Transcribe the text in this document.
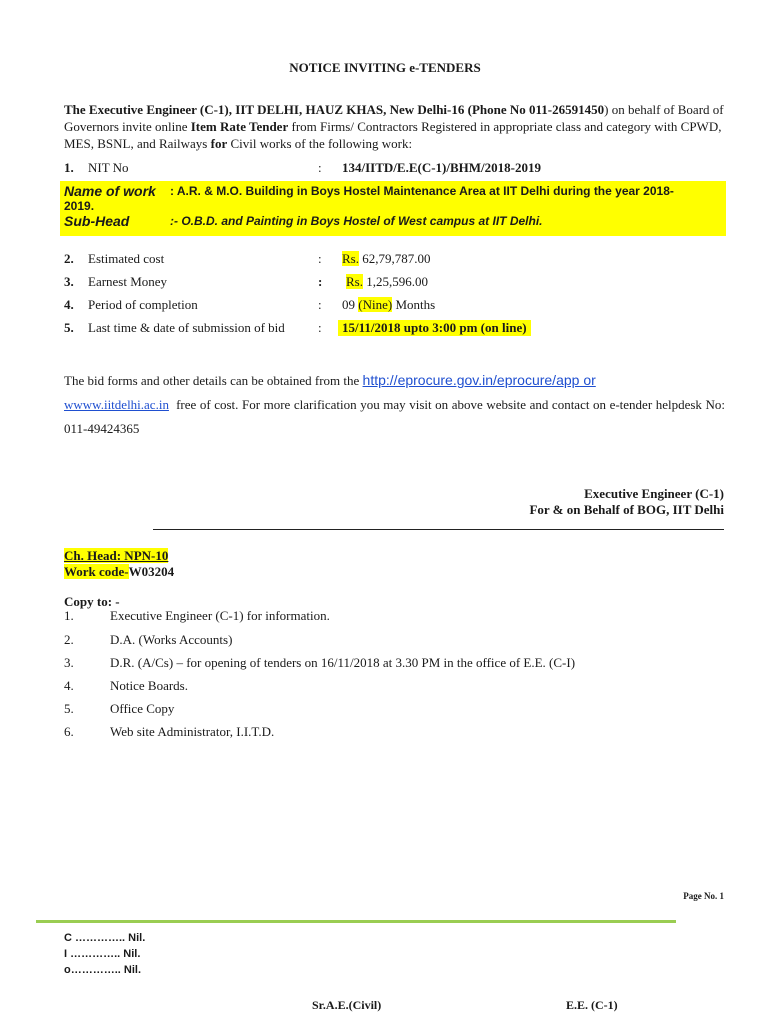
NOTICE INVITING e-TENDERS
The Executive Engineer (C-1), IIT DELHI, HAUZ KHAS, New Delhi-16 (Phone No 011-26591450) on behalf of Board of Governors invite online Item Rate Tender from Firms/ Contractors Registered in appropriate class and category with CPWD, MES, BSNL, and Railways for Civil works of the following work:
1. NIT No	: 134/IITD/E.E(C-1)/BHM/2018-2019
Name of work : A.R. & M.O. Building in Boys Hostel Maintenance Area at IIT Delhi during the year 2018-
2019.
Sub-Head	:- O.B.D. and Painting in Boys Hostel of West campus at IIT Delhi.
2. Estimated cost	: Rs. 62,79,787.00
3. Earnest Money	: Rs. 1,25,596.00
4. Period of completion	: 09 (Nine) Months
5. Last time & date of submission of bid	:	15/11/2018 upto 3:00 pm (on line)
The bid forms and other details can be obtained from the http://eprocure.gov.in/eprocure/app or
wwww.iitdelhi.ac.in  free of cost. For more clarification you may visit on above website and contact on e-tender helpdesk No: 011-49424365
Executive Engineer (C-1)
For & on Behalf of BOG, IIT Delhi
Ch. Head: NPN-10
Work code-W03204
Copy to: -
1.	Executive Engineer (C-1) for information.
2.	D.A. (Works Accounts)
3.	D.R. (A/Cs) – for opening of tenders on 16/11/2018 at 3.30 PM in the office of E.E. (C-I)
4.	Notice Boards.
5.	Office Copy
6.	Web site Administrator, I.I.T.D.
Page No. 1
C ………….. Nil.
I ………….. Nil.
o………….. Nil.
Sr.A.E.(Civil)	E.E. (C-1)
